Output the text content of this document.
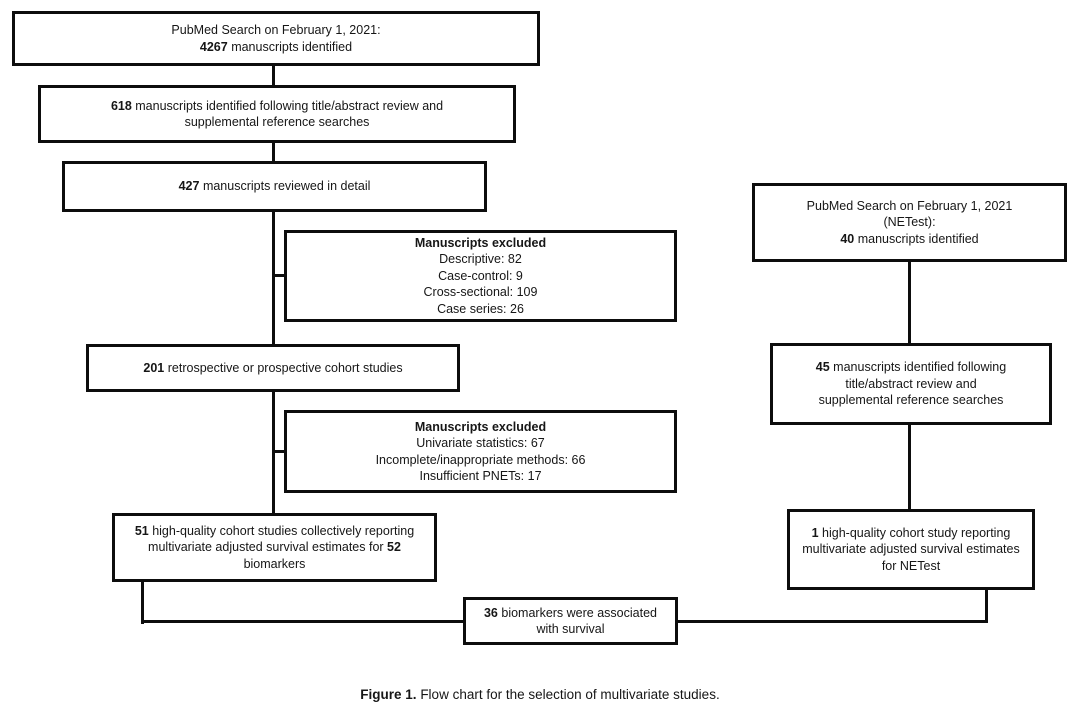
PubMed Search on February 1, 2021:
4267 manuscripts identified
618 manuscripts identified following title/abstract review and
supplemental reference searches
427 manuscripts reviewed in detail
Manuscripts excluded
Descriptive: 82
Case-control: 9
Cross-sectional: 109
Case series: 26
201 retrospective or prospective cohort studies
Manuscripts excluded
Univariate statistics: 67
Incomplete/inappropriate methods: 66
Insufficient PNETs: 17
51 high-quality cohort studies collectively reporting
multivariate adjusted survival estimates for 52
biomarkers
PubMed Search on February 1, 2021
(NETest):
40 manuscripts identified
45 manuscripts identified following
title/abstract review and
supplemental reference searches
1 high-quality cohort study reporting
multivariate adjusted survival estimates
for NETest
36 biomarkers were associated
with survival
Figure 1. Flow chart for the selection of multivariate studies.
